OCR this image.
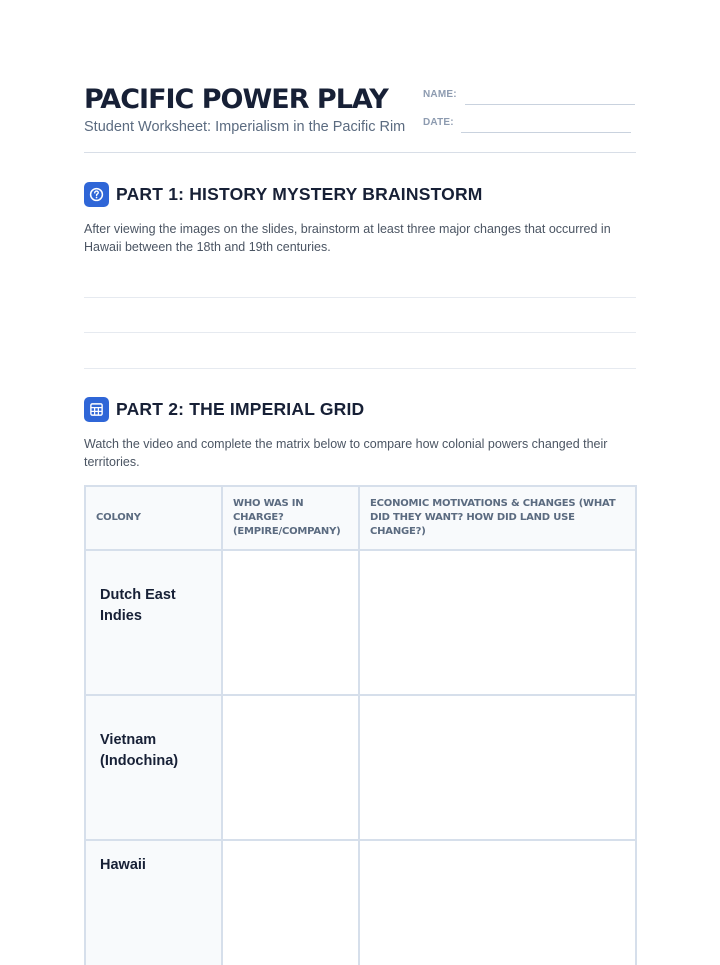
PACIFIC POWER PLAY
Student Worksheet: Imperialism in the Pacific Rim
NAME:
DATE:
PART 1: HISTORY MYSTERY BRAINSTORM
After viewing the images on the slides, brainstorm at least three major changes that occurred in Hawaii between the 18th and 19th centuries.
PART 2: THE IMPERIAL GRID
Watch the video and complete the matrix below to compare how colonial powers changed their territories.
COLONY	WHO WAS IN CHARGE? (EMPIRE/COMPANY)	ECONOMIC MOTIVATIONS & CHANGES (WHAT DID THEY WANT? HOW DID LAND USE CHANGE?)
Dutch East Indies		
Vietnam (Indochina)		
Hawaii		
